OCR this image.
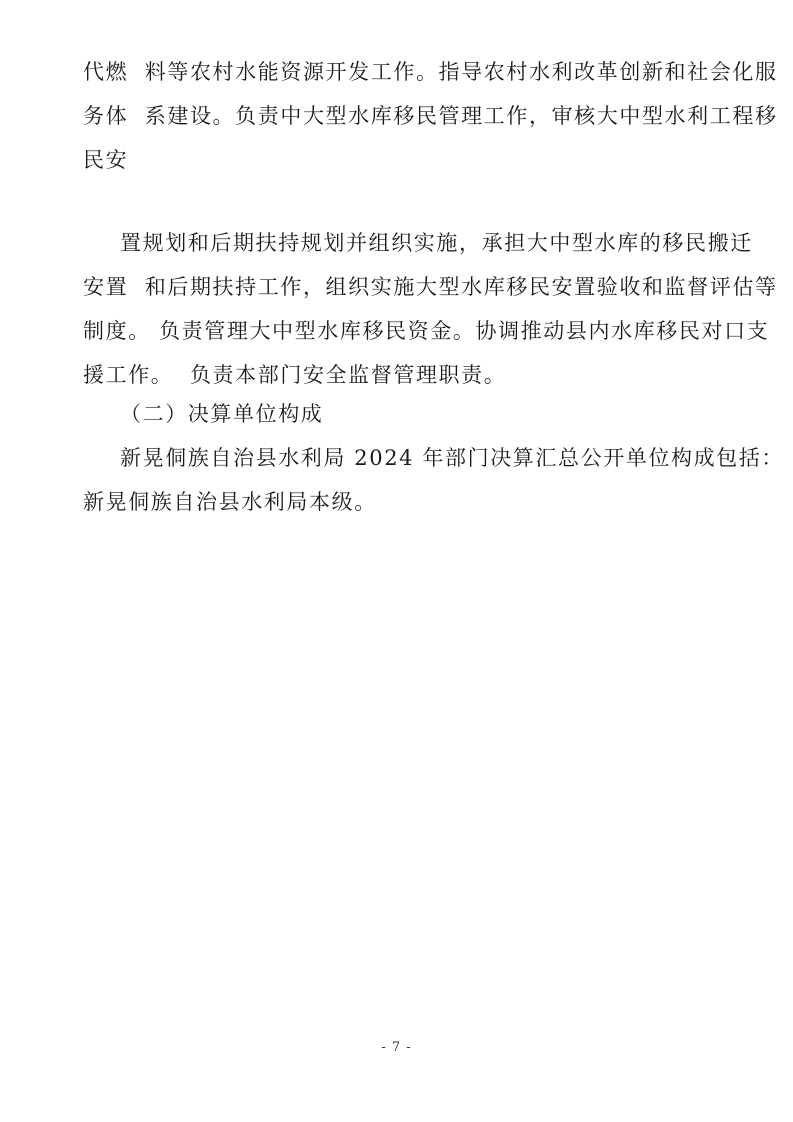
代燃  料等农村水能资源开发工作。指导农村水利改革创新和社会化服
务体  系建设。负责中大型水库移民管理工作，审核大中型水利工程移
民安
置规划和后期扶持规划并组织实施，承担大中型水库的移民搬迁
安置  和后期扶持工作，组织实施大型水库移民安置验收和监督评估等
制度。 负责管理大中型水库移民资金。协调推动县内水库移民对口支
援工作。  负责本部门安全监督管理职责。
（二）决算单位构成
新晃侗族自治县水利局 2024 年部门决算汇总公开单位构成包括：
新晃侗族自治县水利局本级。
- 7 -
